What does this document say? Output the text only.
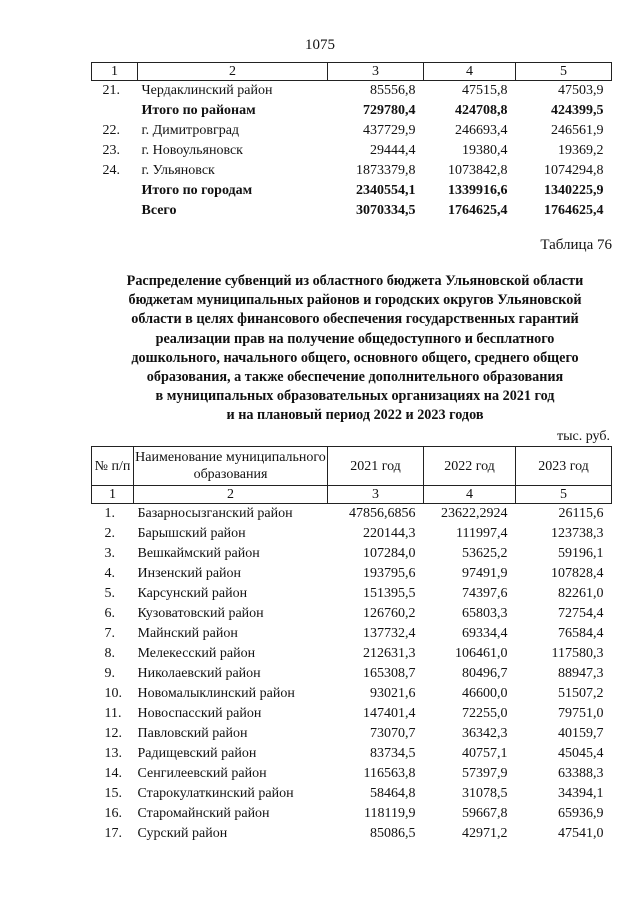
1075
1	2	3	4	5
21.	Чердаклинский район	85556,8	47515,8	47503,9
	Итого по районам	729780,4	424708,8	424399,5
22.	г. Димитровград	437729,9	246693,4	246561,9
23.	г. Новоульяновск	29444,4	19380,4	19369,2
24.	г. Ульяновск	1873379,8	1073842,8	1074294,8
	Итого по городам	2340554,1	1339916,6	1340225,9
	Всего	3070334,5	1764625,4	1764625,4
Таблица 76
Распределение субвенций из областного бюджета Ульяновской области
бюджетам муниципальных районов и городских округов Ульяновской
области в целях финансового обеспечения государственных гарантий
реализации прав на получение общедоступного и бесплатного
дошкольного, начального общего, основного общего, среднего общего
образования, а также обеспечение дополнительного образования
в муниципальных образовательных организациях на 2021 год
и на плановый период 2022 и 2023 годов
тыс. руб.
№ п/п	Наименование муниципального образования	2021 год	2022 год	2023 год
1	2	3	4	5
1.	Базарносызганский район	47856,6856	23622,2924	26115,6
2.	Барышский район	220144,3	111997,4	123738,3
3.	Вешкаймский район	107284,0	53625,2	59196,1
4.	Инзенский район	193795,6	97491,9	107828,4
5.	Карсунский район	151395,5	74397,6	82261,0
6.	Кузоватовский район	126760,2	65803,3	72754,4
7.	Майнский район	137732,4	69334,4	76584,4
8.	Мелекесский район	212631,3	106461,0	117580,3
9.	Николаевский район	165308,7	80496,7	88947,3
10.	Новомалыклинский район	93021,6	46600,0	51507,2
11.	Новоспасский район	147401,4	72255,0	79751,0
12.	Павловский район	73070,7	36342,3	40159,7
13.	Радищевский район	83734,5	40757,1	45045,4
14.	Сенгилеевский район	116563,8	57397,9	63388,3
15.	Старокулаткинский район	58464,8	31078,5	34394,1
16.	Старомайнский район	118119,9	59667,8	65936,9
17.	Сурский район	85086,5	42971,2	47541,0
